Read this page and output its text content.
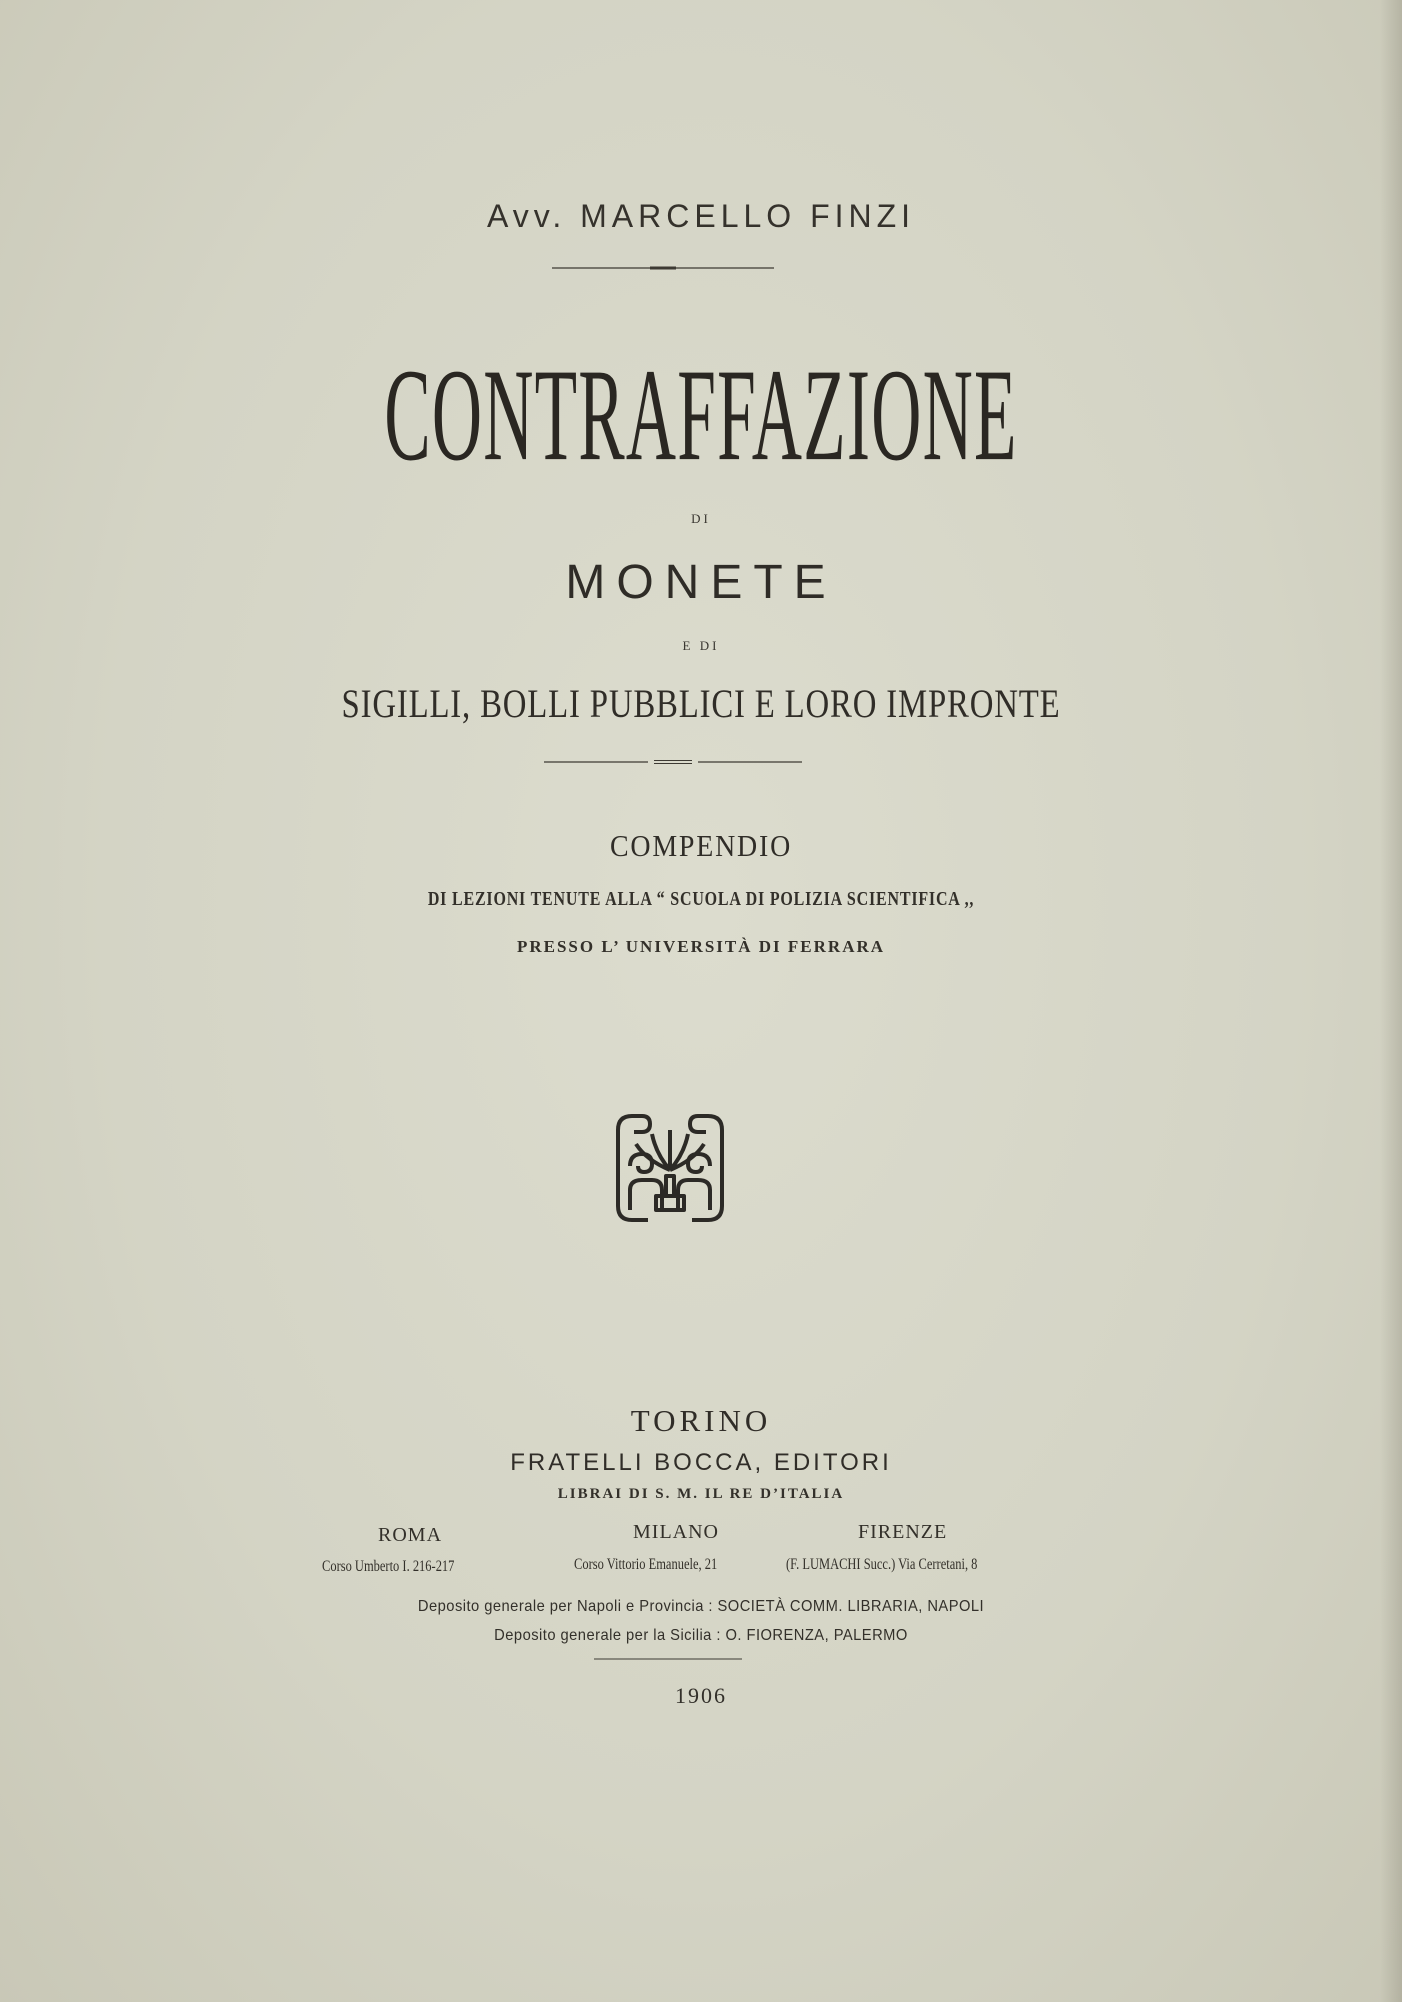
Avv. MARCELLO FINZI
CONTRAFFAZIONE
DI
MONETE
E DI
SIGILLI, BOLLI PUBBLICI E LORO IMPRONTE
COMPENDIO
DI LEZIONI TENUTE ALLA “ SCUOLA DI POLIZIA SCIENTIFICA ,,
PRESSO L’ UNIVERSITÀ DI FERRARA
TORINO
FRATELLI BOCCA, EDITORI
LIBRAI DI S. M. IL RE D’ITALIA
ROMA	MILANO	FIRENZE
Corso Umberto I. 216-217	Corso Vittorio Emanuele, 21	(F. LUMACHI Succ.) Via Cerretani, 8
Deposito generale per Napoli e Provincia : SOCIETÀ COMM. LIBRARIA, NAPOLI
Deposito generale per la Sicilia : O. FIORENZA, PALERMO
1906
